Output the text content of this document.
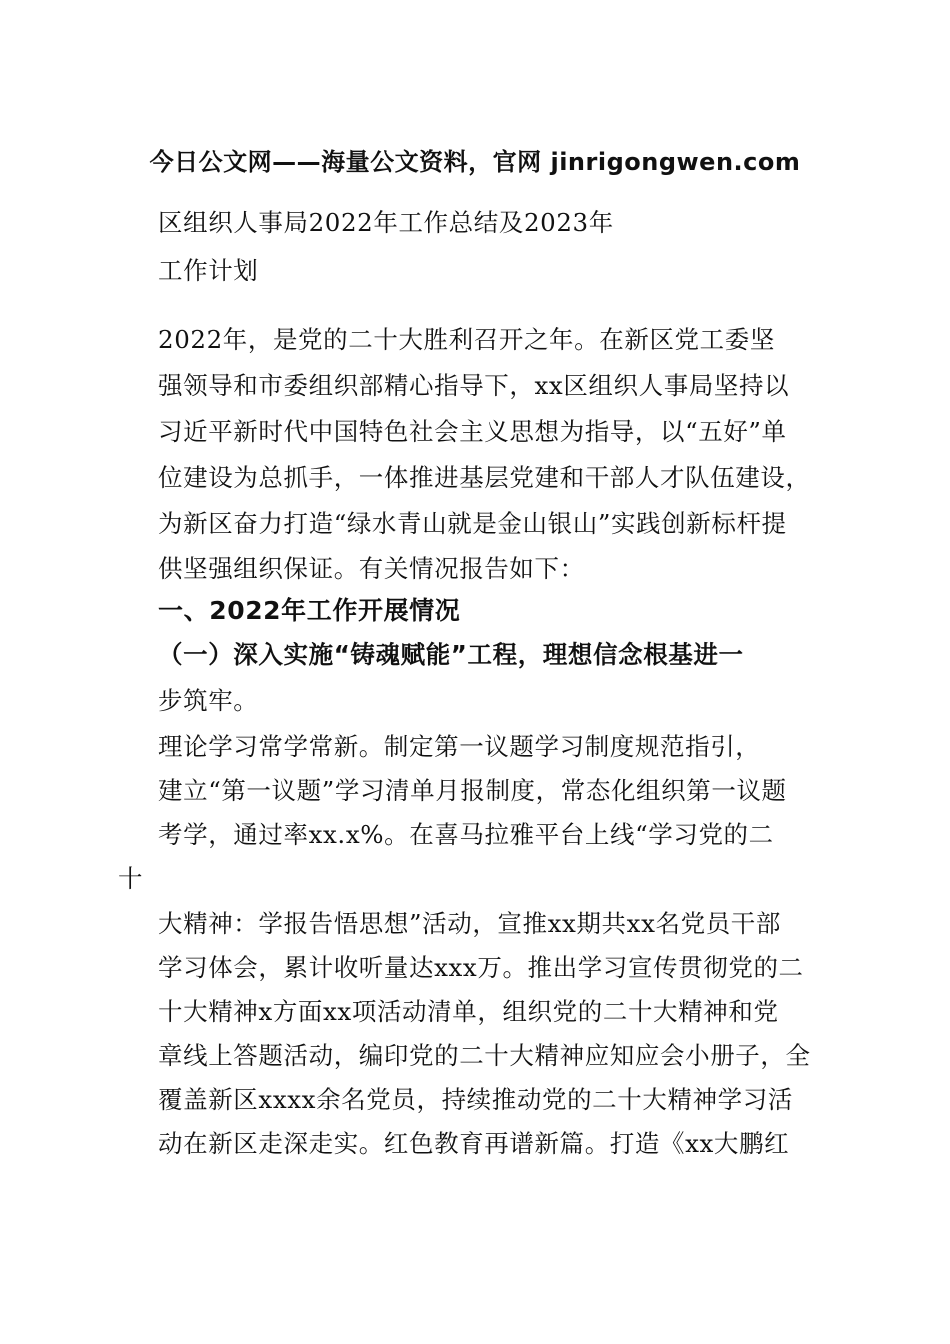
今日公文网——海量公文资料，官网 jinrigongwen.com
区组织人事局2022年工作总结及2023年
工作计划
2022年，是党的二十大胜利召开之年。在新区党工委坚
强领导和市委组织部精心指导下，xx区组织人事局坚持以
习近平新时代中国特色社会主义思想为指导，以“五好”单
位建设为总抓手，一体推进基层党建和干部人才队伍建设，
为新区奋力打造“绿水青山就是金山银山”实践创新标杆提
供坚强组织保证。有关情况报告如下：
一、2022年工作开展情况
（一）深入实施“铸魂赋能”工程，理想信念根基进一
步筑牢。
理论学习常学常新。制定第一议题学习制度规范指引，
建立“第一议题”学习清单月报制度，常态化组织第一议题
考学，通过率xx.x%。在喜马拉雅平台上线“学习党的二
十
大精神：学报告悟思想”活动，宣推xx期共xx名党员干部
学习体会，累计收听量达xxx万。推出学习宣传贯彻党的二
十大精神x方面xx项活动清单，组织党的二十大精神和党
章线上答题活动，编印党的二十大精神应知应会小册子，全
覆盖新区xxxx余名党员，持续推动党的二十大精神学习活
动在新区走深走实。红色教育再谱新篇。打造《xx大鹏红
